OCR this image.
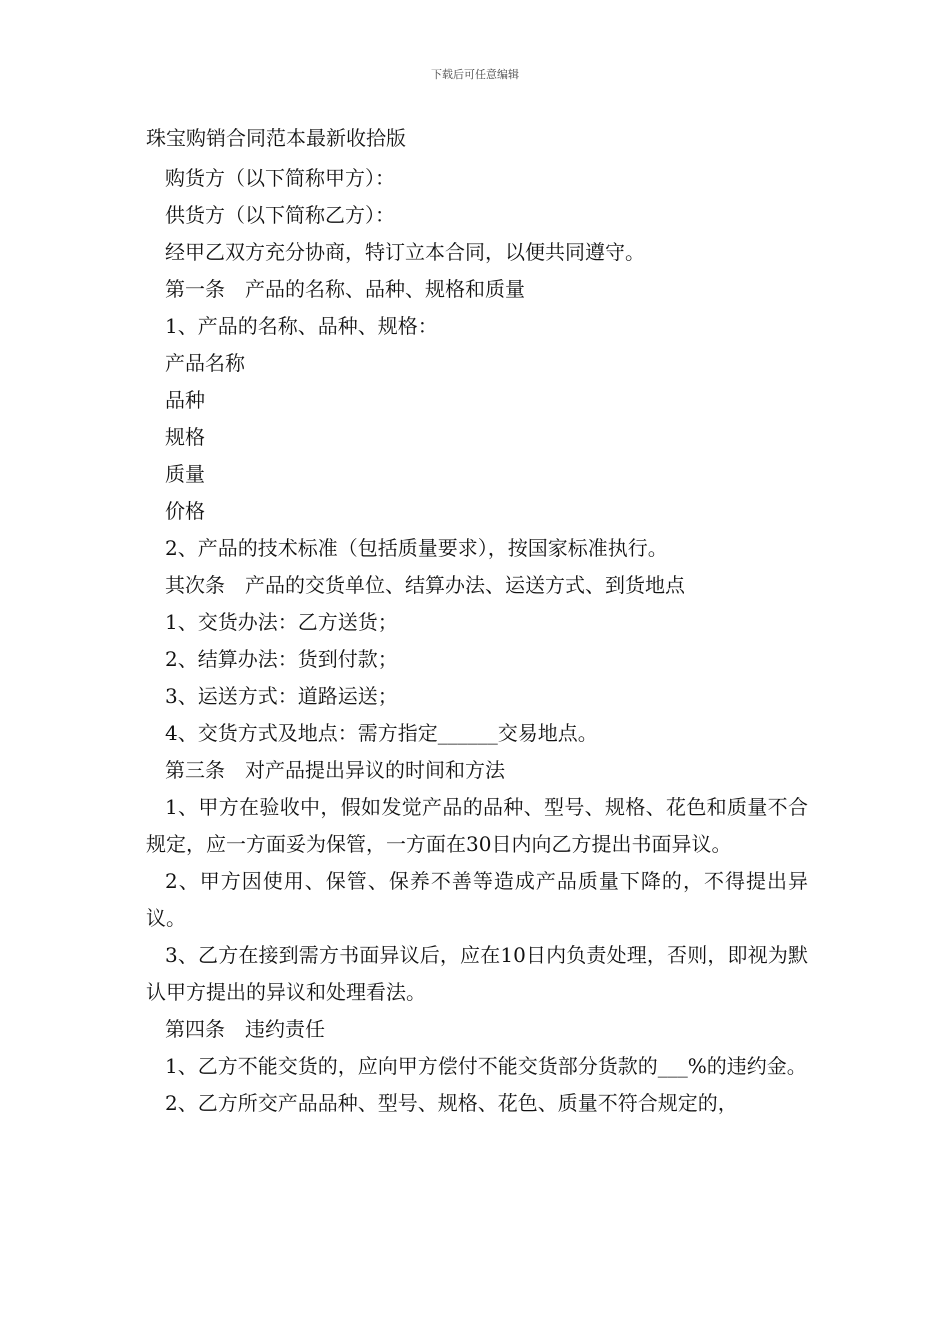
下载后可任意编辑
珠宝购销合同范本最新收拾版
购货方（以下简称甲方）：
供货方（以下简称乙方）：
经甲乙双方充分协商，特订立本合同，以便共同遵守。
第一条　产品的名称、品种、规格和质量
1、产品的名称、品种、规格：
产品名称
品种
规格
质量
价格
2、产品的技术标准（包括质量要求），按国家标准执行。
其次条　产品的交货单位、结算办法、运送方式、到货地点
1、交货办法：乙方送货；
2、结算办法：货到付款；
3、运送方式：道路运送；
4、交货方式及地点：需方指定______交易地点。
第三条　对产品提出异议的时间和方法
1、甲方在验收中，假如发觉产品的品种、型号、规格、花色和质量不合规定，应一方面妥为保管，一方面在30日内向乙方提出书面异议。
2、甲方因使用、保管、保养不善等造成产品质量下降的，不得提出异议。
3、乙方在接到需方书面异议后，应在10日内负责处理，否则，即视为默认甲方提出的异议和处理看法。
第四条　违约责任
1、乙方不能交货的，应向甲方偿付不能交货部分货款的___%的违约金。
2、乙方所交产品品种、型号、规格、花色、质量不符合规定的，
